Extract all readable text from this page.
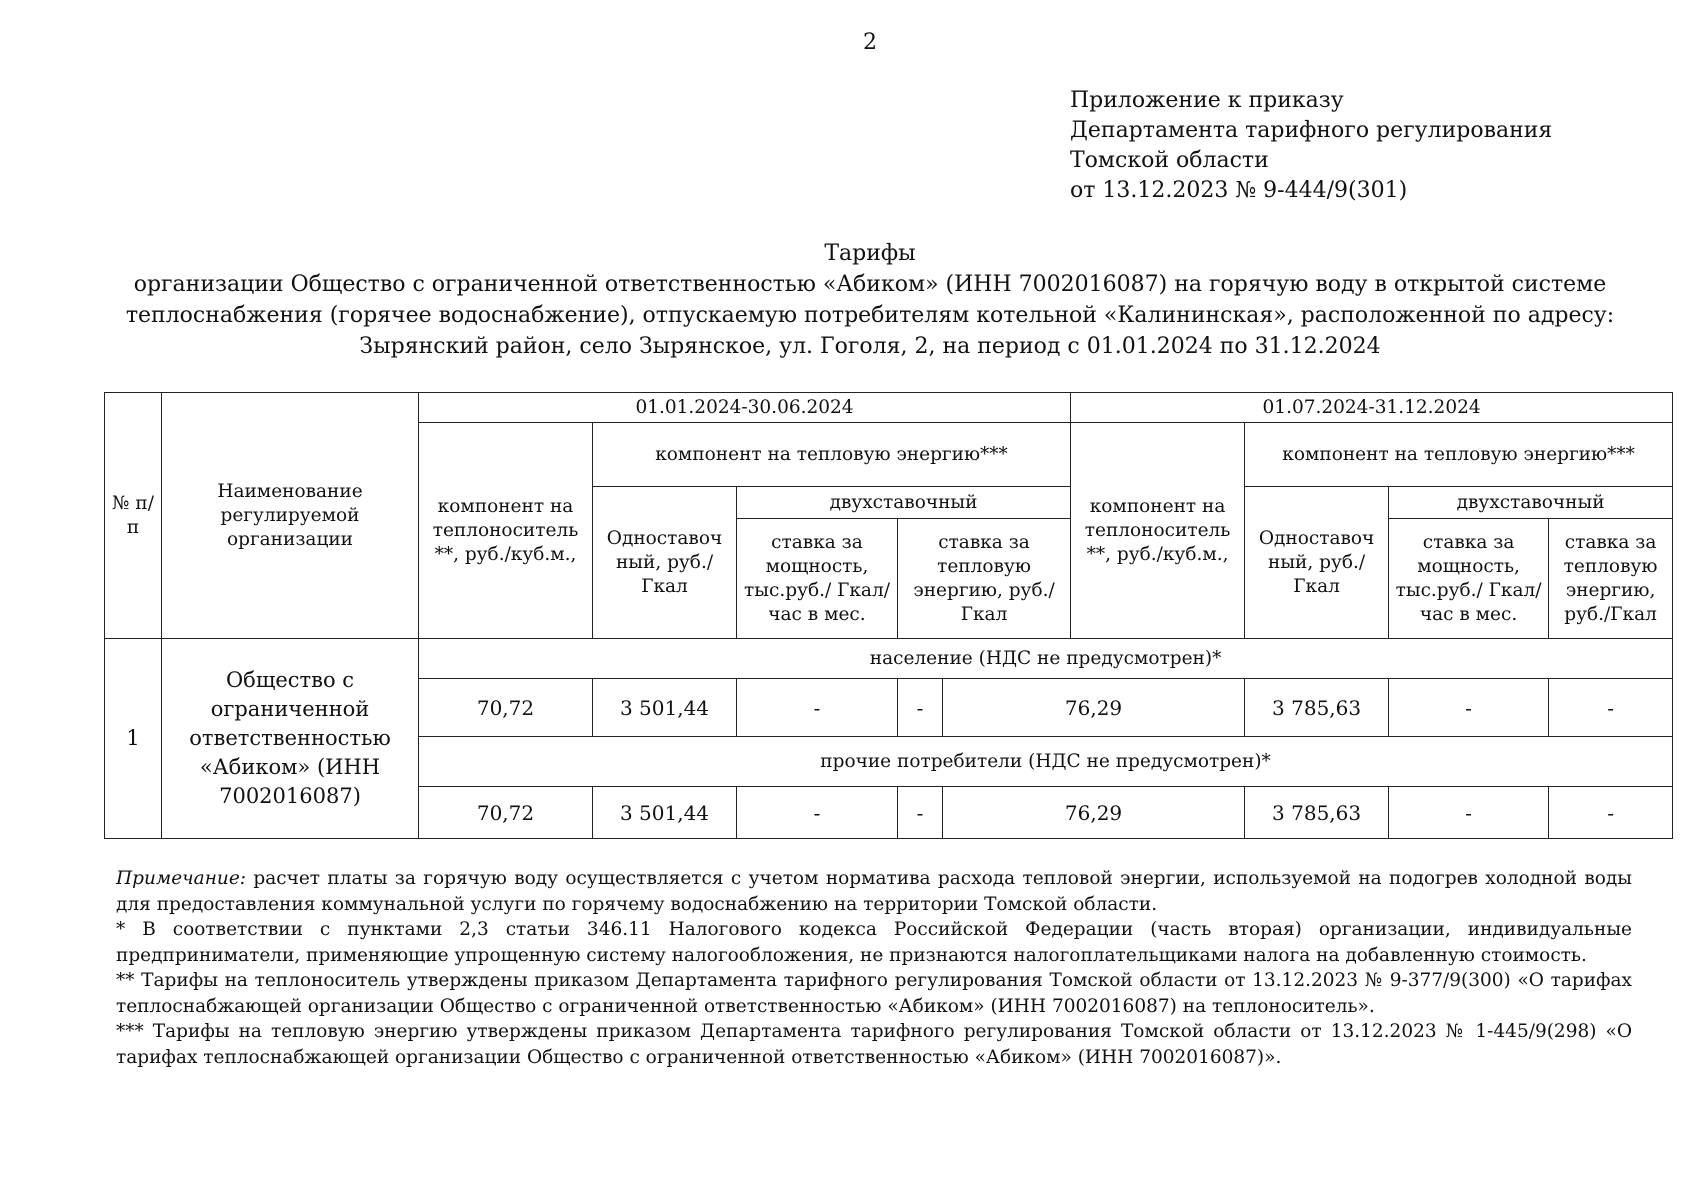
2
Приложение к приказу
Департамента тарифного регулирования
Томской области
от 13.12.2023 № 9-444/9(301)
Тарифы
организации Общество с ограниченной ответственностью «Абиком» (ИНН 7002016087) на горячую воду в открытой системе
теплоснабжения (горячее водоснабжение), отпускаемую потребителям котельной «Калининская», расположенной по адресу:
Зырянский район, село Зырянское, ул. Гоголя, 2, на период с 01.01.2024 по 31.12.2024
№ п/п	Наименование регулируемой организации	01.01.2024-30.06.2024					01.07.2024-31.12.2024			
		компонент на теплоноситель **, руб./куб.м.,	компонент на тепловую энергию***				компонент на теплоноситель **, руб./куб.м.,	компонент на тепловую энергию***		
			Одноставоч ный, руб./Гкал	двухставочный				Одноставоч ный, руб./Гкал	двухставочный	
				ставка за мощность, тыс.руб./ Гкал/час в мес.	ставка за тепловую энергию, руб./Гкал				ставка за мощность, тыс.руб./ Гкал/час в мес.	ставка за тепловую энергию, руб./Гкал

1	Общество с ограниченной ответственностью «Абиком» (ИНН 7002016087)	население (НДС не предусмотрен)*								
		70,72	3 501,44	-	-	76,29		3 785,63	-	-
		прочие потребители (НДС не предусмотрен)*								
		70,72	3 501,44	-	-	76,29		3 785,63	-	-

Примечание: расчет платы за горячую воду осуществляется с учетом норматива расхода тепловой энергии, используемой на подогрев холодной воды для предоставления коммунальной услуги по горячему водоснабжению на территории Томской области.

* В соответствии с пунктами 2,3 статьи 346.11 Налогового кодекса Российской Федерации (часть вторая) организации, индивидуальные предприниматели, применяющие упрощенную систему налогообложения, не признаются налогоплательщиками налога на добавленную стоимость.

** Тарифы на теплоноситель утверждены приказом Департамента тарифного регулирования Томской области от 13.12.2023 № 9-377/9(300) «О тарифах теплоснабжающей организации Общество с ограниченной ответственностью «Абиком» (ИНН 7002016087) на теплоноситель».

*** Тарифы на тепловую энергию утверждены приказом Департамента тарифного регулирования Томской области от 13.12.2023 № 1-445/9(298) «О тарифах теплоснабжающей организации Общество с ограниченной ответственностью «Абиком» (ИНН 7002016087)».
